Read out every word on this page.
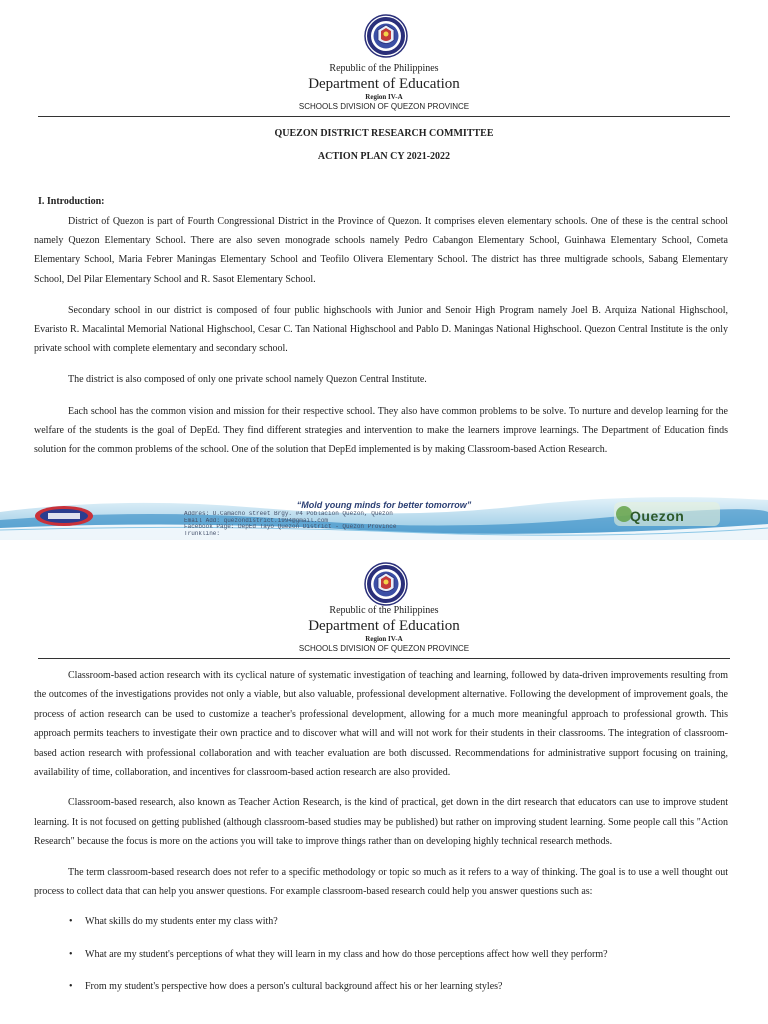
Republic of the Philippines
Department of Education
Region IV-A
SCHOOLS DIVISION OF QUEZON PROVINCE
QUEZON DISTRICT RESEARCH COMMITTEE
ACTION PLAN CY 2021-2022
I. Introduction:

District of Quezon is part of Fourth Congressional District in the Province of Quezon. It comprises eleven elementary schools. One of these is the central school namely Quezon Elementary School. There are also seven monograde schools namely Pedro Cabangon Elementary School, Guinhawa Elementary School, Cometa Elementary School, Maria Febrer Maningas Elementary School and Teofilo Olivera Elementary School. The district has three multigrade schools, Sabang Elementary School, Del Pilar Elementary School and R. Sasot Elementary School.

Secondary school in our district is composed of four public highschools with Junior and Senoir High Program namely Joel B. Arquiza National Highschool, Evaristo R. Macalintal Memorial National Highschool, Cesar C. Tan National Highschool and Pablo D. Maningas National Highschool. Quezon Central Institute is the only private school with complete elementary and secondary school.

The district is also composed of only one private school namely Quezon Central Institute.

Each school has the common vision and mission for their respective school. They also have common problems to be solve. To nurture and develop learning for the welfare of the students is the goal of DepEd. They find different strategies and intervention to make the learners improve learnings. The Department of Education finds solution for the common problems of the school. One of the solution that DepEd implemented is by making Classroom-based Action Research.

“Mold young minds for better tomorrow”
Addres: U.Camacho street Brgy. #4 Poblacion Quezon, Quezon
Email Add: quezondistrict.1994@gmail.com
Facebook Page: DepEd Tayo Quezon District - Quezon Province
Trunkline:
Quezon
Republic of the Philippines
Department of Education
Region IV-A
SCHOOLS DIVISION OF QUEZON PROVINCE

Classroom-based action research with its cyclical nature of systematic investigation of teaching and learning, followed by data-driven improvements resulting from the outcomes of the investigations provides not only a viable, but also valuable, professional development alternative. Following the development of improvement goals, the process of action research can be used to customize a teacher's professional development, allowing for a much more meaningful approach to professional growth. This approach permits teachers to investigate their own practice and to discover what will and will not work for their students in their classrooms. The integration of classroom-based action research with professional collaboration and with teacher evaluation are both discussed. Recommendations for administrative support focusing on training, availability of time, collaboration, and incentives for classroom-based action research are also provided.

Classroom-based research, also known as Teacher Action Research, is the kind of practical, get down in the dirt research that educators can use to improve student learning. It is not focused on getting published (although classroom-based studies may be published) but rather on improving student learning. Some people call this "Action Research" because the focus is more on the actions you will take to improve things rather than on developing highly technical research methods.

The term classroom-based research does not refer to a specific methodology or topic so much as it refers to a way of thinking. The goal is to use a well thought out process to collect data that can help you answer questions. For example classroom-based research could help you answer questions such as:

• What skills do my students enter my class with?
• What are my student's perceptions of what they will learn in my class and how do those perceptions affect how well they perform?
• From my student's perspective how does a person's cultural background affect his or her learning styles?
